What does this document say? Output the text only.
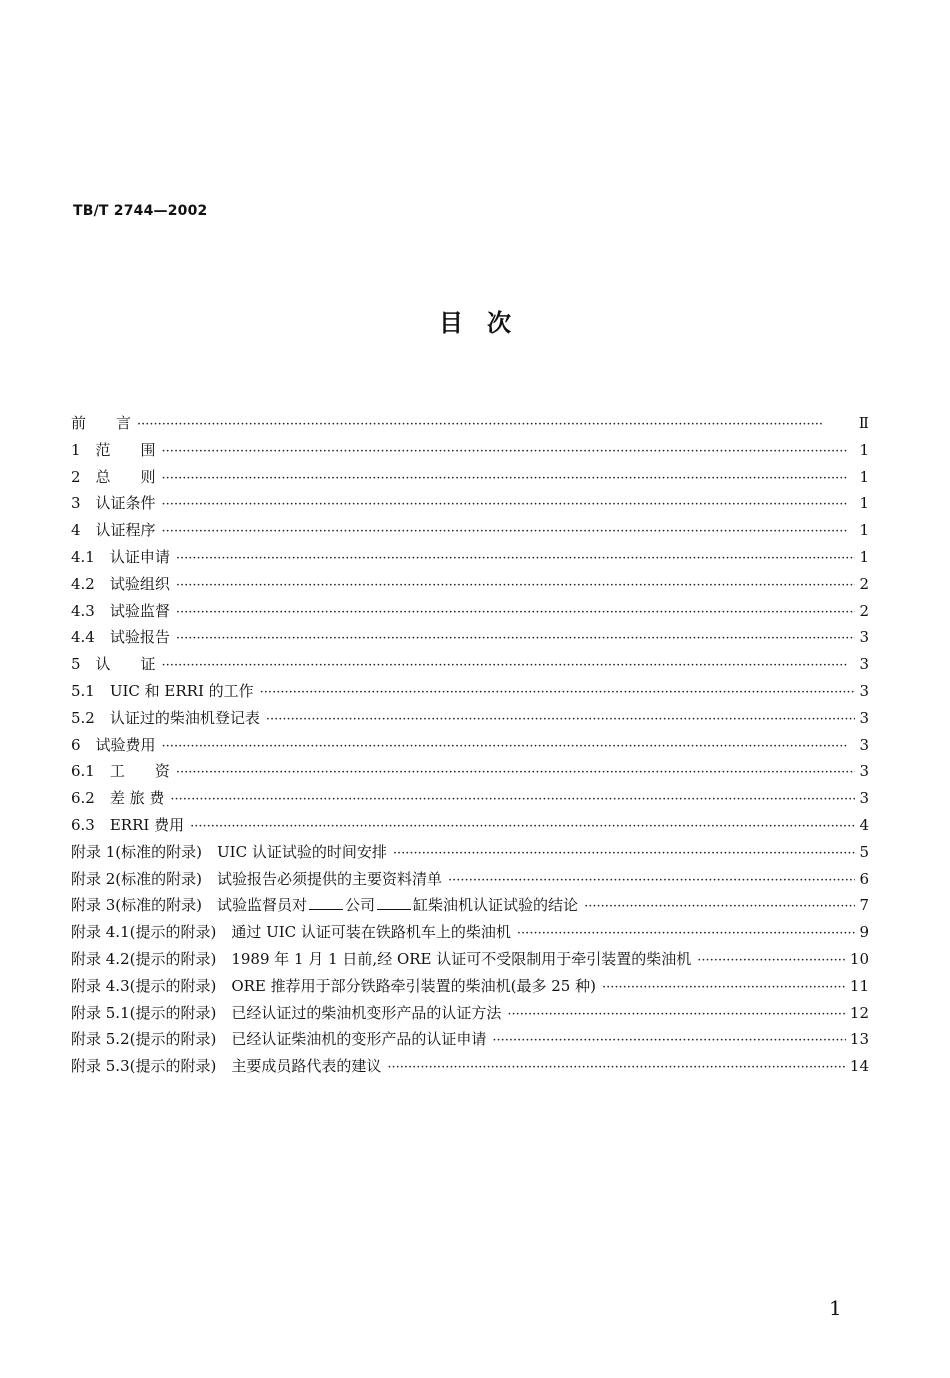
TB/T 2744—2002
目　次
前　　言 ·····	Ⅱ
1　范　　围 ·····	1
2　总　　则 ·····	1
3　认证条件 ·····	1
4　认证程序 ·····	1
4.1　认证申请 ·····	1
4.2　试验组织 ·····	2
4.3　试验监督 ·····	2
4.4　试验报告 ·····	3
5　认　　证 ·····	3
5.1　UIC 和 ERRI 的工作 ·····	3
5.2　认证过的柴油机登记表 ·····	3
6　试验费用 ·····	3
6.1　工　　资 ·····	3
6.2　差 旅 费 ·····	3
6.3　ERRI 费用 ·····	4
附录 1(标准的附录)　UIC 认证试验的时间安排 ·····	5
附录 2(标准的附录)　试验报告必须提供的主要资料清单 ·····	6
附录 3(标准的附录)　试验监督员对	公司	缸柴油机认证试验的结论 ·····	7
附录 4.1(提示的附录)　通过 UIC 认证可装在铁路机车上的柴油机 ·····	9
附录 4.2(提示的附录)　1989 年 1 月 1 日前,经 ORE 认证可不受限制用于牵引装置的柴油机 ·····	10
附录 4.3(提示的附录)　ORE 推荐用于部分铁路牵引装置的柴油机(最多 25 种) ·····	11
附录 5.1(提示的附录)　已经认证过的柴油机变形产品的认证方法 ·····	12
附录 5.2(提示的附录)　已经认证柴油机的变形产品的认证申请 ·····	13
附录 5.3(提示的附录)　主要成员路代表的建议 ·····	14
1
